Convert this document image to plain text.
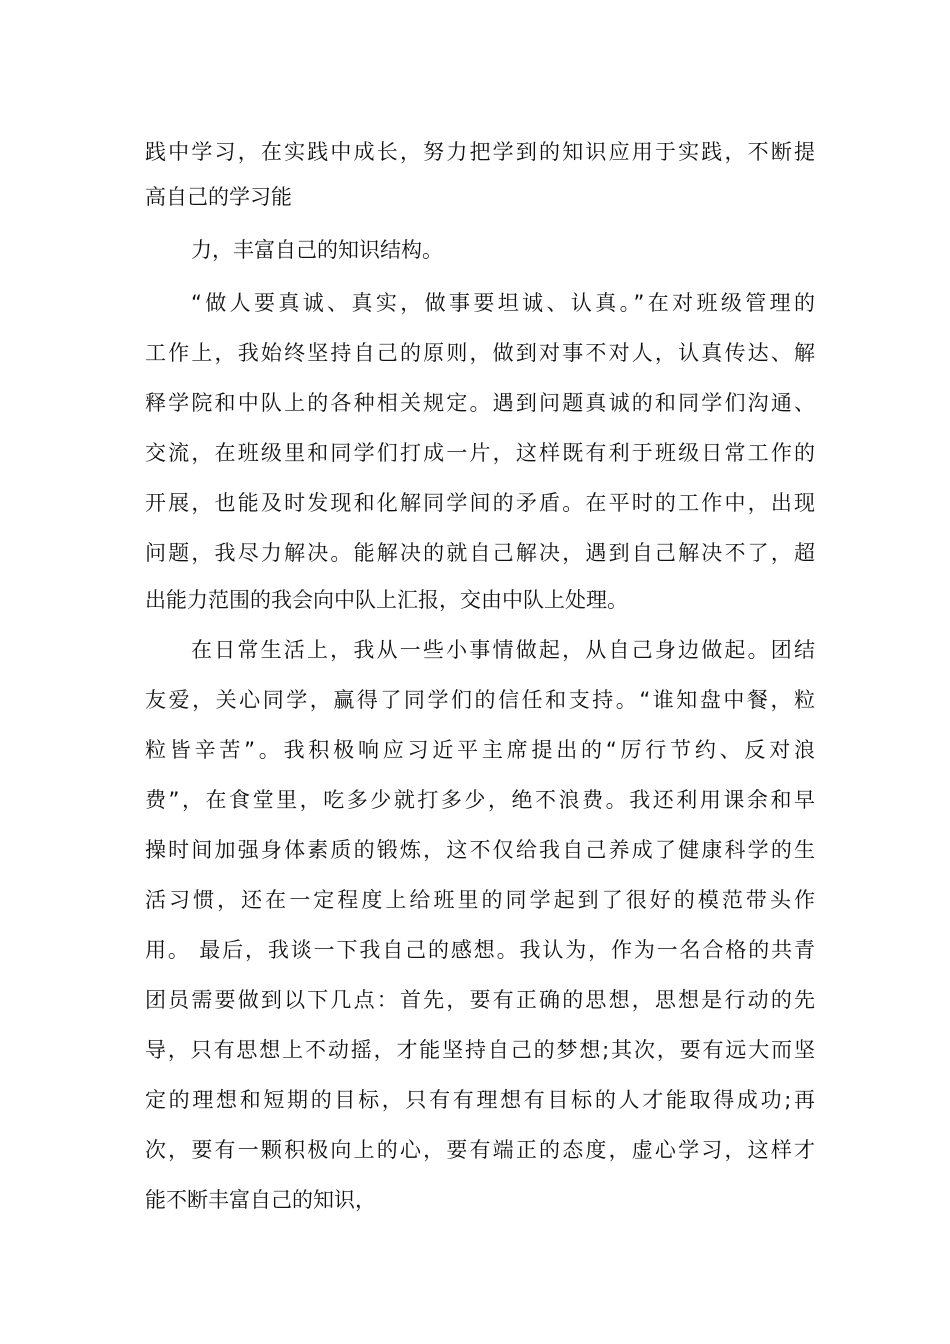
践中学习，在实践中成长，努力把学到的知识应用于实践，不断提
高自己的学习能
力，丰富自己的知识结构。
“做人要真诚、真实，做事要坦诚、认真。”在对班级管理的
工作上，我始终坚持自己的原则，做到对事不对人，认真传达、解
释学院和中队上的各种相关规定。遇到问题真诚的和同学们沟通、
交流，在班级里和同学们打成一片，这样既有利于班级日常工作的
开展，也能及时发现和化解同学间的矛盾。在平时的工作中，出现
问题，我尽力解决。能解决的就自己解决，遇到自己解决不了，超
出能力范围的我会向中队上汇报，交由中队上处理。
在日常生活上，我从一些小事情做起，从自己身边做起。团结
友爱，关心同学，赢得了同学们的信任和支持。“谁知盘中餐，粒
粒皆辛苦”。我积极响应习近平主席提出的“厉行节约、反对浪
费”，在食堂里，吃多少就打多少，绝不浪费。我还利用课余和早
操时间加强身体素质的锻炼，这不仅给我自己养成了健康科学的生
活习惯，还在一定程度上给班里的同学起到了很好的模范带头作
用。 最后，我谈一下我自己的感想。我认为，作为一名合格的共青
团员需要做到以下几点：首先，要有正确的思想，思想是行动的先
导，只有思想上不动摇，才能坚持自己的梦想;其次，要有远大而坚
定的理想和短期的目标，只有有理想有目标的人才能取得成功;再
次，要有一颗积极向上的心，要有端正的态度，虚心学习，这样才
能不断丰富自己的知识，
